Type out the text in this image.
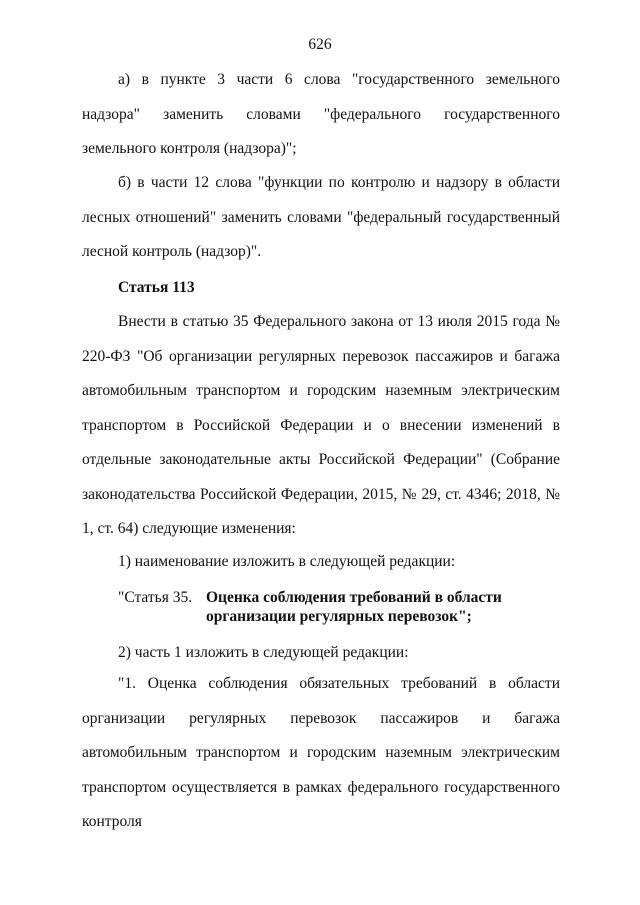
626

а) в пункте 3 части 6 слова "государственного земельного надзора" заменить словами "федерального государственного земельного контроля (надзора)";

б) в части 12 слова "функции по контролю и надзору в области лесных отношений" заменить словами "федеральный государственный лесной контроль (надзор)".

Статья 113

Внести в статью 35 Федерального закона от 13 июля 2015 года № 220-ФЗ "Об организации регулярных перевозок пассажиров и багажа автомобильным транспортом и городским наземным электрическим транспортом в Российской Федерации и о внесении изменений в отдельные законодательные акты Российской Федерации" (Собрание законодательства Российской Федерации, 2015, № 29, ст. 4346; 2018, № 1, ст. 64) следующие изменения:

1) наименование изложить в следующей редакции:
"Статья 35. Оценка соблюдения требований в области организации регулярных перевозок";
2) часть 1 изложить в следующей редакции:

"1. Оценка соблюдения обязательных требований в области организации регулярных перевозок пассажиров и багажа автомобильным транспортом и городским наземным электрическим транспортом осуществляется в рамках федерального государственного контроля
